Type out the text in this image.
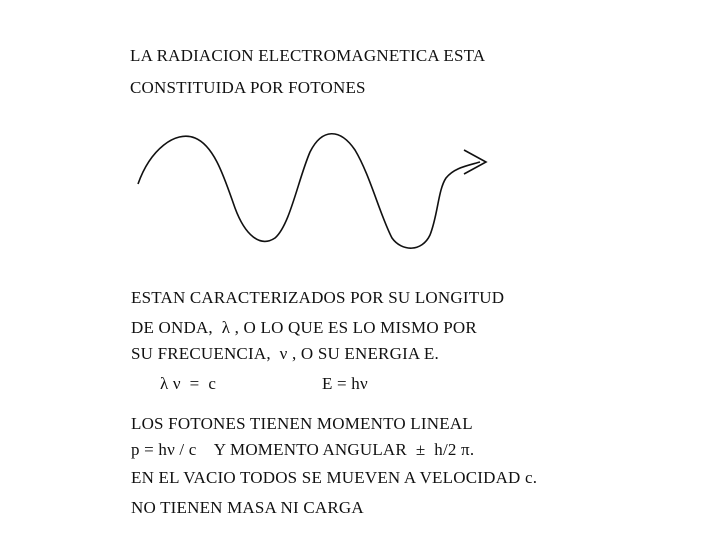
LA RADIACION ELECTROMAGNETICA ESTA
CONSTITUIDA POR FOTONES
ESTAN CARACTERIZADOS POR SU LONGITUD
DE ONDA,  λ , O LO QUE ES LO MISMO POR
SU FRECUENCIA,  ν , O SU ENERGIA E.
λ ν  =  c	E = hν
LOS FOTONES TIENEN MOMENTO LINEAL
p = hν / c    Y MOMENTO ANGULAR  ±  h/2 π.
EN EL VACIO TODOS SE MUEVEN A VELOCIDAD c.
NO TIENEN MASA NI CARGA
